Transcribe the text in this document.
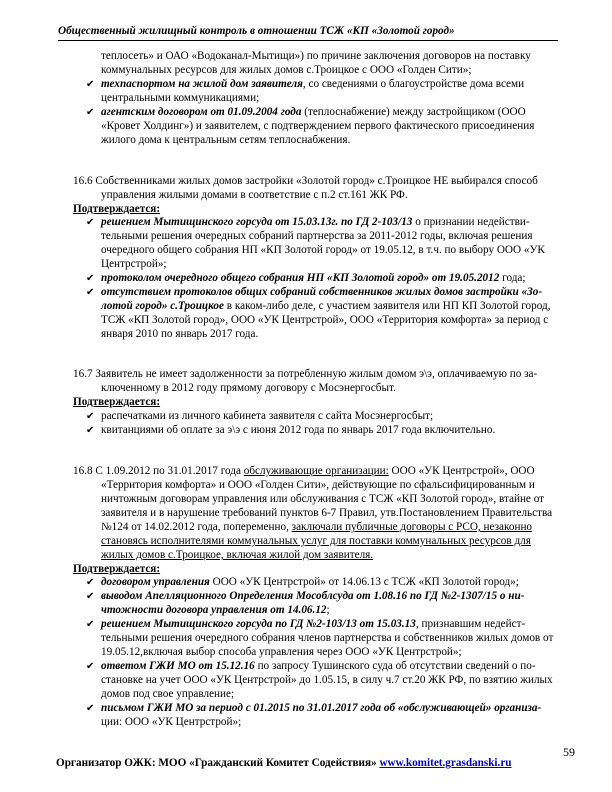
Общественный жилищный контроль в отношении ТСЖ «КП «Золотой город»
теплосеть» и ОАО «Водоканал-Мытищи») по причине заключения договоров на поставку
коммунальных ресурсов для жилых домов с.Троицкое с ООО «Голден Сити»;
✔ техпаспортом на жилой дом заявителя, со сведениями о благоустройстве дома всеми
центральными коммуникациями;
✔ агентским договором от 01.09.2004 года (теплоснабжение) между застройщиком (ООО
«Кровет Холдинг») и заявителем, с подтверждением первого фактического присоединения
жилого дома к центральным сетям теплоснабжения.
16.6 Собственниками жилых домов застройки «Золотой город» с.Троицкое НЕ выбирался способ
управления жилыми домами в соответствие с п.2 ст.161 ЖК РФ.
Подтверждается:
✔ решением Мытищинского горсуда от 15.03.13г. по ГД 2-103/13 о признании недействи-
тельными решения очередных собраний партнерства за 2011-2012 годы, включая решения
очередного общего собрания НП «КП Золотой город» от 19.05.12, в т.ч. по выбору ООО «УК
Центрстрой»;
✔ протоколом очередного общего собрания НП «КП Золотой город» от 19.05.2012 года;
✔ отсутствием протоколов общих собраний собственников жилых домов застройки «Зо-
лотой город» с.Троицкое в каком-либо деле, с участием заявителя или НП КП Золотой город,
ТСЖ «КП Золотой город», ООО «УК Центрстрой», ООО «Территория комфорта» за период с
января 2010 по январь 2017 года.
16.7 Заявитель не имеет задолженности за потребленную жилым домом э\э, оплачиваемую по за-
ключенному в 2012 году прямому договору с Мосэнергосбыт.
Подтверждается:
✔ распечатками из личного кабинета заявителя с сайта Мосэнергосбыт;
✔ квитанциями об оплате за э\э с июня 2012 года по январь 2017 года включительно.
16.8 С 1.09.2012 по 31.01.2017 года обслуживающие организации: ООО «УК Центрстрой», ООО
«Территория комфорта» и ООО «Голден Сити», действующие по сфальсифицированным и
ничтожным договорам управления или обслуживания с ТСЖ «КП Золотой город», втайне от
заявителя и в нарушение требований пунктов 6-7 Правил, утв.Постановлением Правительства
№124 от 14.02.2012 года, попеременно, заключали публичные договоры с РСО, незаконно
становясь исполнителями коммунальных услуг для поставки коммунальных ресурсов для
жилых домов с.Троицкое, включая жилой дом заявителя.
Подтверждается:
✔ договором управления ООО «УК Центрстрой» от 14.06.13 с ТСЖ «КП Золотой город»;
✔ выводом Апелляционного Определения Мособлсуда от 1.08.16 по ГД №2-1307/15 о ни-
чтожности договора управления от 14.06.12;
✔ решением Мытищинского горсуда по ГД №2-103/13 от 15.03.13, признавшим недейст-
тельными решения очередного собрания членов партнерства и собственников жилых домов от
19.05.12,включая выбор способа управления через ООО «УК Центрстрой»;
✔ ответом ГЖИ МО от 15.12.16 по запросу Тушинского суда об отсутствии сведений о по-
становке на учет ООО «УК Центрстрой» до 1.05.15, в силу ч.7 ст.20 ЖК РФ, по взятию жилых
домов под свое управление;
✔ письмом ГЖИ МО за период с 01.2015 по 31.01.2017 года об «обслуживающей» организа-
ции: ООО «УК Центрстрой»;
59
Организатор ОЖК: МОО «Гражданский Комитет Содействия» www.komitet.grasdanski.ru
